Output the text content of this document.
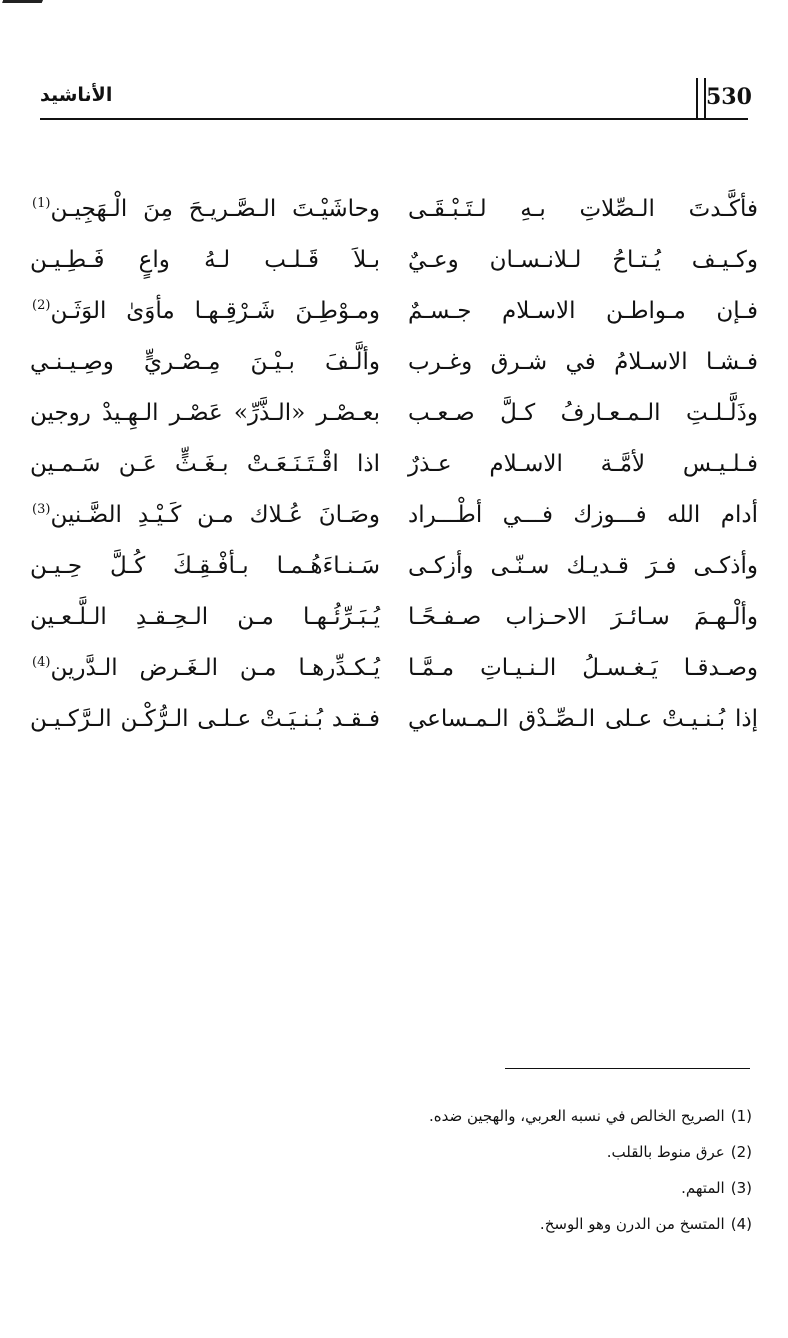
الأناشيد	530
فأكَّـدتَ الـصِّلاتِ بـهِ لـتَـبْـقَـى
وكـيـف يُـتـاحُ لـلانـسـان وعـيٌ
فـإن مـواطـن الاسـلام جـسـمٌ
فـشـا الاسـلامُ في شـرق وغـرب
وذَلَّـلـتِ الـمـعـارفُ كـلَّ صـعـب
فـلـيـس لأمَّـة الاسـلام عـذرٌ
أدام الله فـــوزك فـــي أطْـــراد
وأذكـى فـرَ قـديـك سـنّـى وأزكـى
وألْـهـمَ سـائـرَ الاحـزاب صـفـحًـا
وصـدقـا يَـغـسـلُ الـنـيـاتِ مـمَّـا
إذا بُـنـيـتْ عـلى الـصِّـدْق الـمـساعي
وحاشَيْـتَ الـصَّـريـحَ مِنَ الْـهَجِيـن$^{(1)}$
بـلاَ قَـلـب لـهُ واعٍ فَـطِـيـن
ومـوْطِـنَ شَـرْقِـهـا مأوَىٰ الوَثَـن$^{(2)}$
وألَّـفَ بـيْـنَ مِـصْـريٍّ وصِـيـنـي
بعـصْـر «الـذَّرِّ» عَصْـر الـهِـيدْ روجين
اذا اقْـتَـنَـعَـتْ بـغَـثٍّ عَـن سَـمـين
وصَـانَ عُـلاك مـن كَـيْـدِ الضَّـنين$^{(3)}$
سَـنـاءَهُـمـا بـأفْـقِـكَ كُـلَّ حِـيـن
يُـبَـرِّئُـهـا مـن الـحِـقـدِ الـلَّـعـين
يُـكـدِّرهـا مـن الـغَـرض الـدَّرين$^{(4)}$
فـقـد بُـنـيَـتْ عـلـى الـرُّكْـن الـرَّكـيـن
(1)الصريح الخالص في نسبه العربي، والهجين ضده.
(2)عرق منوط بالقلب.
(3)المتهم.
(4)المتسخ من الدرن وهو الوسخ.
